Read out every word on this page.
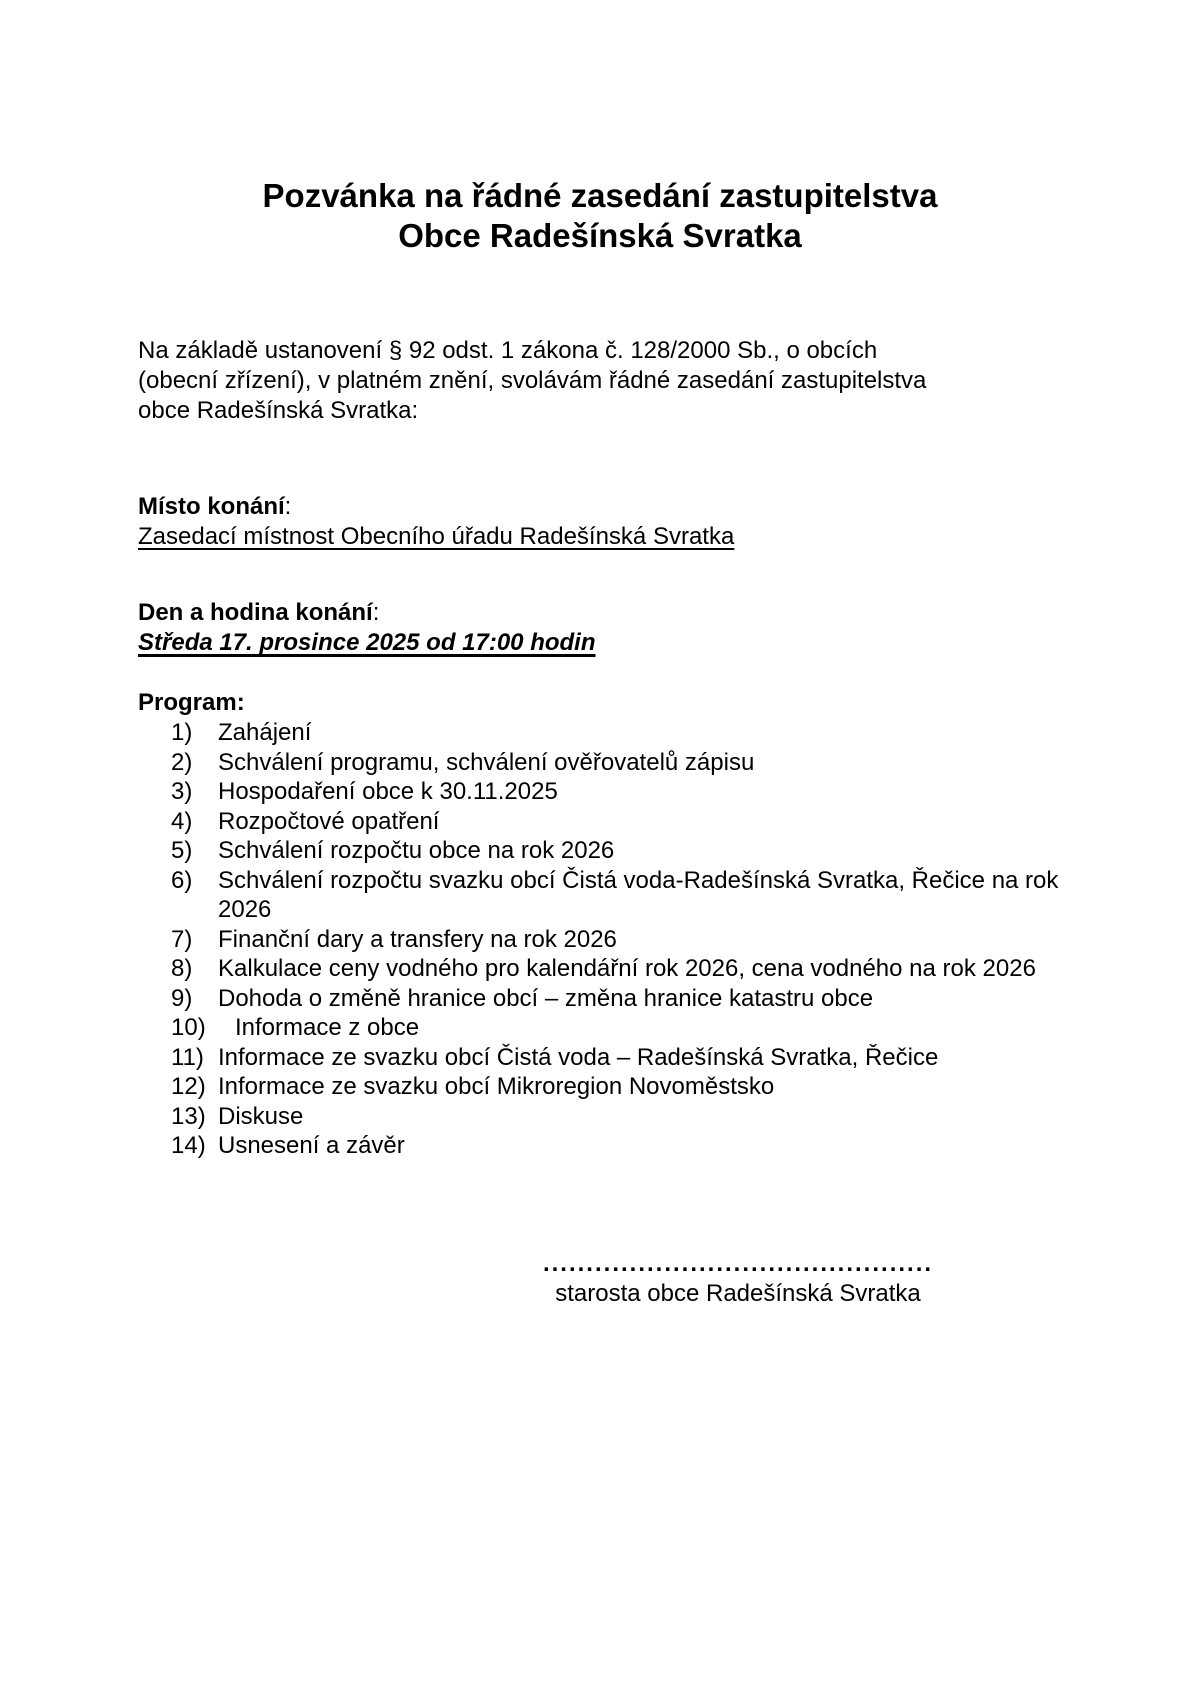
Pozvánka na řádné zasedání zastupitelstva
Obce Radešínská Svratka
Na základě ustanovení § 92 odst. 1 zákona č. 128/2000 Sb., o obcích
(obecní zřízení), v platném znění, svolávám řádné zasedání zastupitelstva
obce Radešínská Svratka:
Místo konání:
Zasedací místnost Obecního úřadu Radešínská Svratka
Den a hodina konání:
Středa 17. prosince 2025 od 17:00 hodin
Program:
1)	Zahájení
2)	Schválení programu, schválení ověřovatelů zápisu
3)	Hospodaření obce k 30.11.2025
4)	Rozpočtové opatření
5)	Schválení rozpočtu obce na rok 2026
6)	Schválení rozpočtu svazku obcí Čistá voda-Radešínská Svratka, Řečice na rok 2026
7)	Finanční dary a transfery na rok 2026
8)	Kalkulace ceny vodného pro kalendářní rok 2026, cena vodného na rok 2026
9)	Dohoda o změně hranice obcí – změna hranice katastru obce
10)	Informace z obce
11) Informace ze svazku obcí Čistá voda – Radešínská Svratka, Řečice
12) Informace ze svazku obcí Mikroregion Novoměstsko
13) Diskuse
14) Usnesení a závěr
.............................................
starosta obce Radešínská Svratka
